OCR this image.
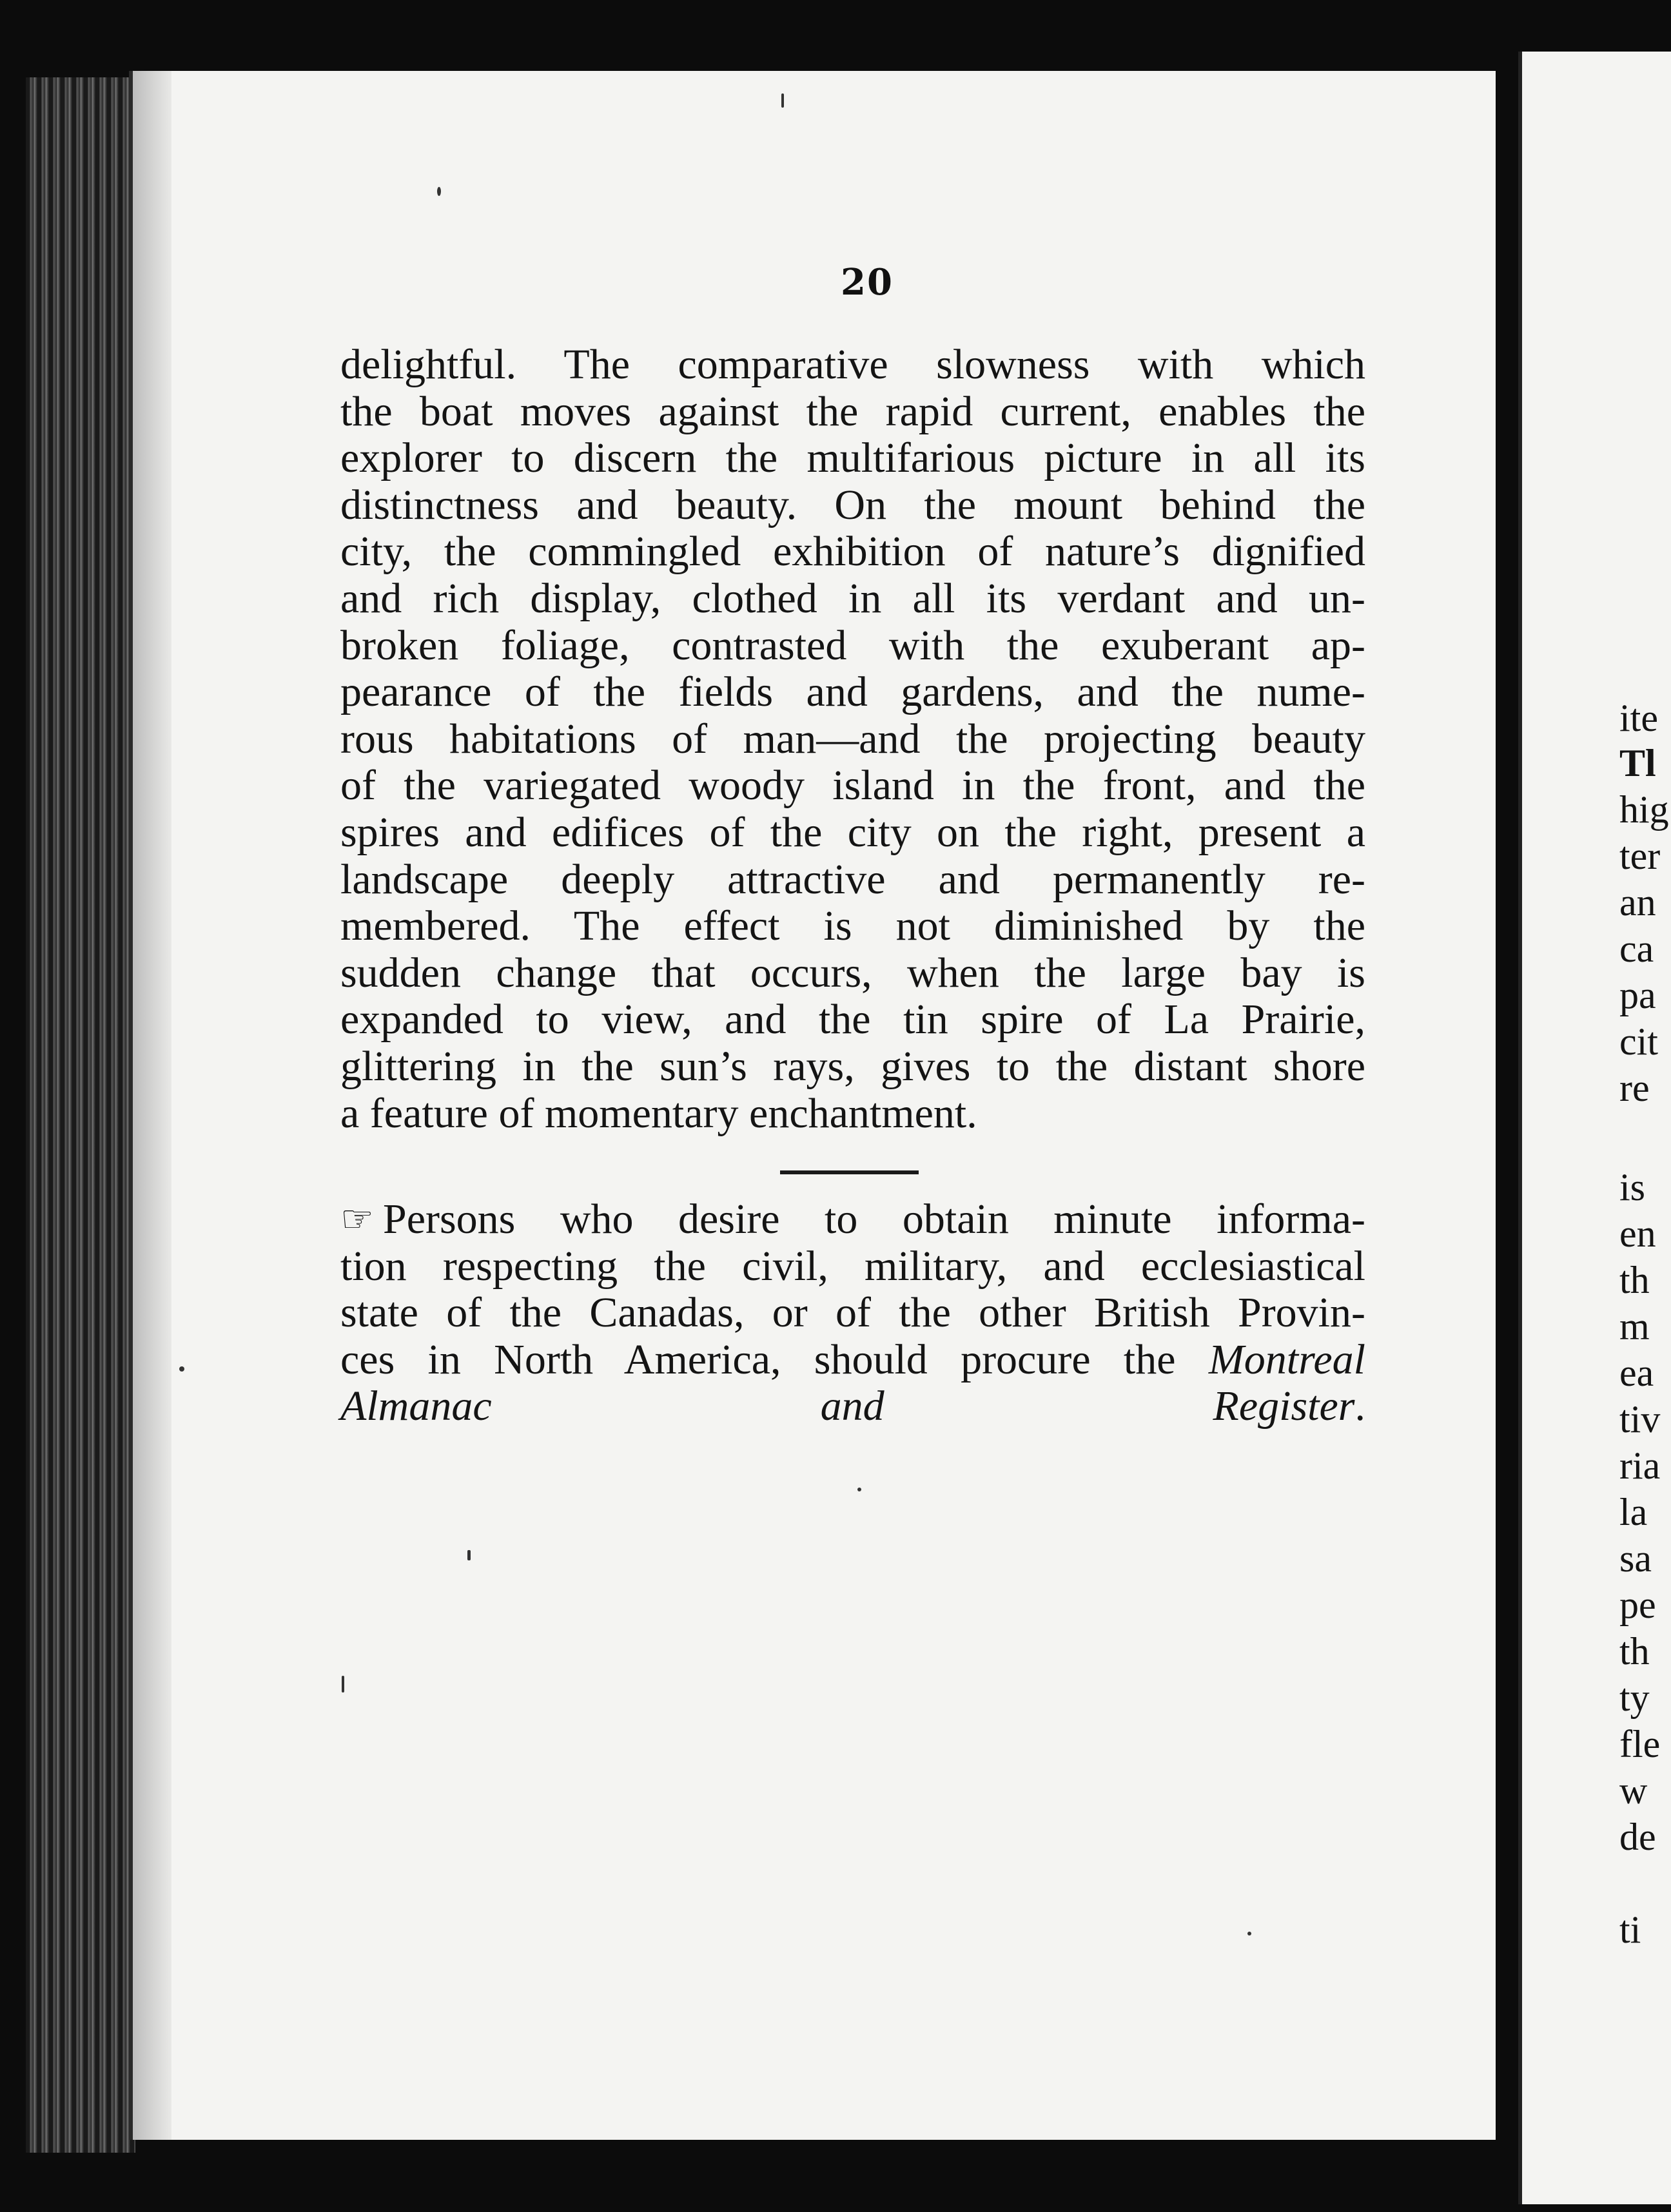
20
delightful. The comparative slowness with which
the boat moves against the rapid current, enables the
explorer to discern the multifarious picture in all its
distinctness and beauty. On the mount behind the
city, the commingled exhibition of nature’s dignified
and rich display, clothed in all its verdant and un-
broken foliage, contrasted with the exuberant ap-
pearance of the fields and gardens, and the nume-
rous habitations of man—and the projecting beauty
of the variegated woody island in the front, and the
spires and edifices of the city on the right, present a
landscape deeply attractive and permanently re-
membered. The effect is not diminished by the
sudden change that occurs, when the large bay is
expanded to view, and the tin spire of La Prairie,
glittering in the sun’s rays, gives to the distant shore
a feature of momentary enchantment.
☞ Persons who desire to obtain minute informa-
tion respecting the civil, military, and ecclesiastical
state of the Canadas, or of the other British Provin-
ces in North America, should procure the Montreal
Almanac and Register.
ite
Tl
hig
ter
an
ca
pa
cit
re
is
en
th
m
ea
tiv
ria
la
sa
pe
th
ty
fle
w
de
ti
